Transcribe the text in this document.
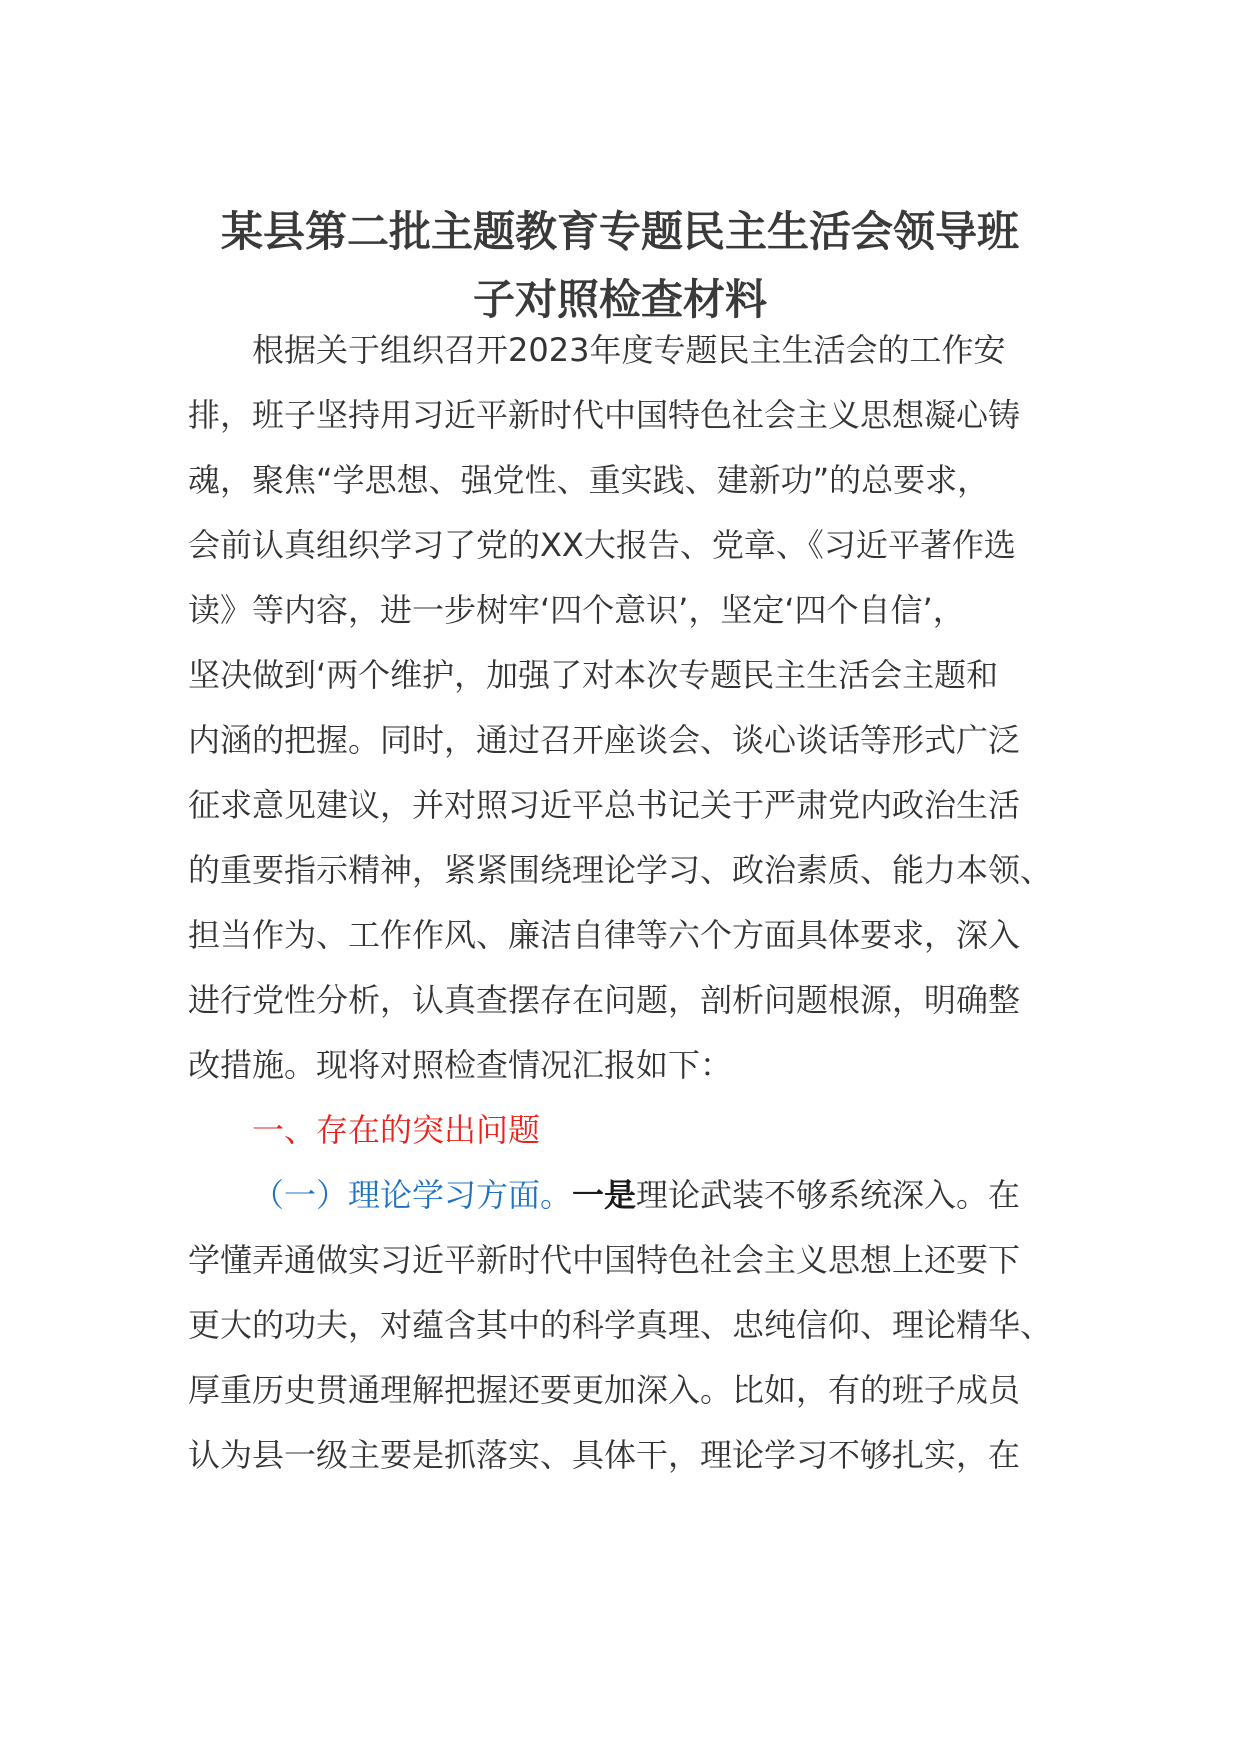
某县第二批主题教育专题民主生活会领导班
子对照检查材料
根据关于组织召开2023年度专题民主生活会的工作安
排，班子坚持用习近平新时代中国特色社会主义思想凝心铸
魂，聚焦“学思想、强党性、重实践、建新功”的总要求，
会前认真组织学习了党的XX大报告、党章、《习近平著作选
读》等内容，进一步树牢‘四个意识’，坚定‘四个自信’，
坚决做到‘两个维护，加强了对本次专题民主生活会主题和
内涵的把握。同时，通过召开座谈会、谈心谈话等形式广泛
征求意见建议，并对照习近平总书记关于严肃党内政治生活
的重要指示精神，紧紧围绕理论学习、政治素质、能力本领、
担当作为、工作作风、廉洁自律等六个方面具体要求，深入
进行党性分析，认真查摆存在问题，剖析问题根源，明确整
改措施。现将对照检查情况汇报如下：
一、存在的突出问题
（一）理论学习方面。一是理论武装不够系统深入。在
学懂弄通做实习近平新时代中国特色社会主义思想上还要下
更大的功夫，对蕴含其中的科学真理、忠纯信仰、理论精华、
厚重历史贯通理解把握还要更加深入。比如，有的班子成员
认为县一级主要是抓落实、具体干，理论学习不够扎实，在
